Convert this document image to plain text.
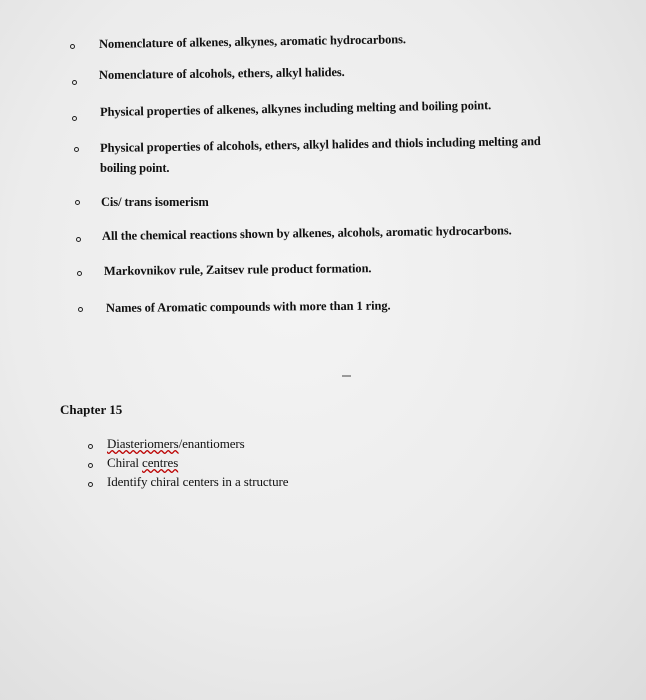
Nomenclature of alkenes, alkynes, aromatic hydrocarbons.
Nomenclature of alcohols, ethers, alkyl halides.
Physical properties of alkenes, alkynes including melting and boiling point.
Physical properties of alcohols, ethers, alkyl halides and thiols including melting and
boiling point.
Cis/ trans isomerism
All the chemical reactions shown by alkenes, alcohols, aromatic hydrocarbons.
Markovnikov rule, Zaitsev rule product formation.
Names of Aromatic compounds with more than 1 ring.
Chapter 15
Diasteriomers/enantiomers
Chiral centres
Identify chiral centers in a structure
